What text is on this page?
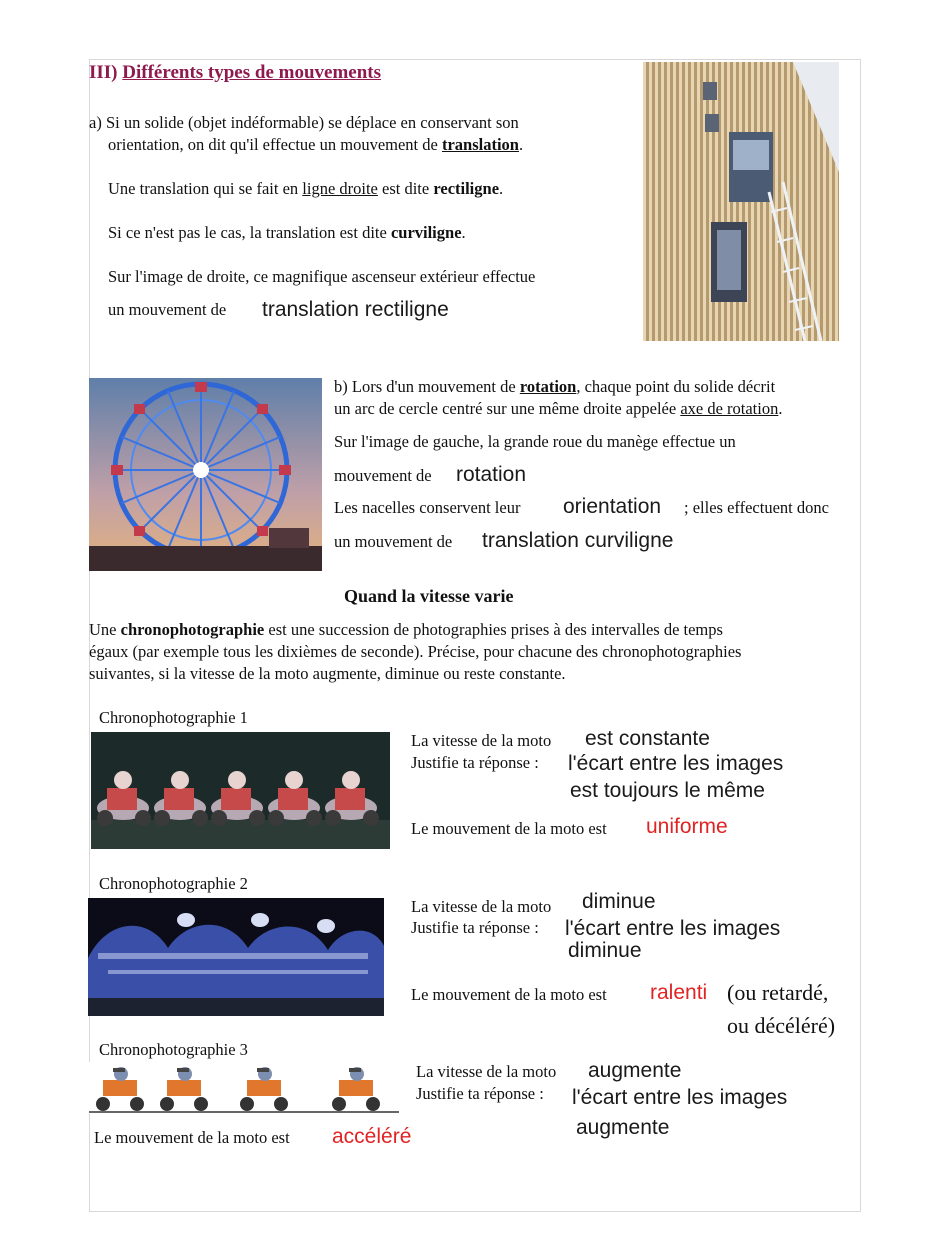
III) Différents types de mouvements
a) Si un solide (objet indéformable) se déplace en conservant son
orientation, on dit qu'il effectue un mouvement de translation.
Une translation qui se fait en ligne droite est dite rectiligne.
Si ce n'est pas le cas, la translation est dite curviligne.
Sur l'image de droite, ce magnifique ascenseur extérieur effectue
un mouvement de translation rectiligne
b) Lors d'un mouvement de rotation, chaque point du solide décrit
un arc de cercle centré sur une même droite appelée axe de rotation.
Sur l'image de gauche, la grande roue du manège effectue un
mouvement de rotation
Les nacelles conservent leur orientation ; elles effectuent donc
un mouvement de translation curviligne
Quand la vitesse varie
Une chronophotographie est une succession de photographies prises à des intervalles de temps
égaux (par exemple tous les dixièmes de seconde). Précise, pour chacune des chronophotographies
suivantes, si la vitesse de la moto augmente, diminue ou reste constante.
Chronophotographie 1
La vitesse de la moto est constante
Justifie ta réponse : l'écart entre les images
est toujours le même
Le mouvement de la moto est uniforme
Chronophotographie 2
La vitesse de la moto diminue
Justifie ta réponse : l'écart entre les images
diminue
Le mouvement de la moto est ralenti (ou retardé,
ou décéléré)
Chronophotographie 3
La vitesse de la moto augmente
Justifie ta réponse : l'écart entre les images
augmente
Le mouvement de la moto est accéléré
